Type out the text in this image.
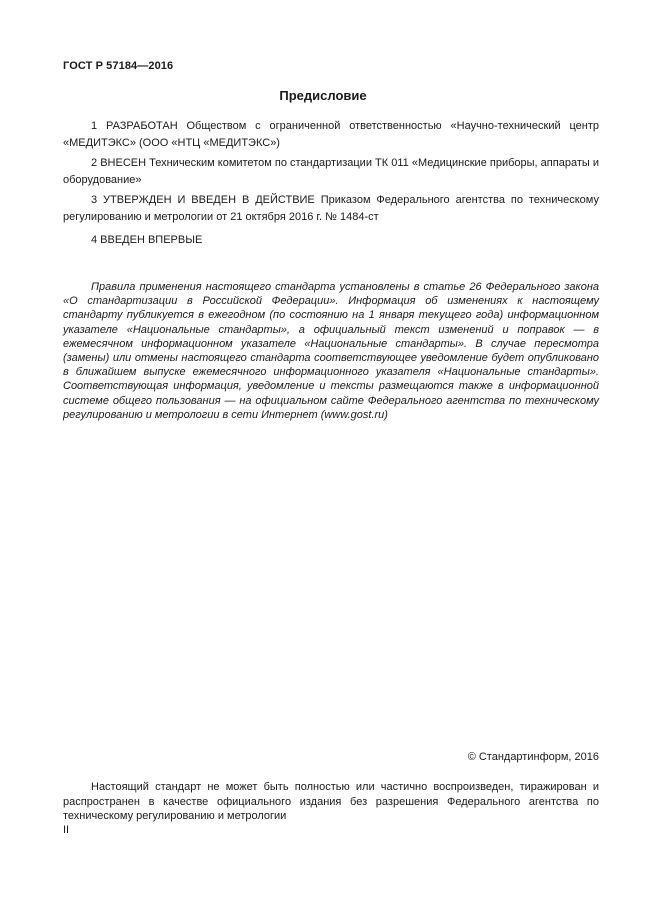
ГОСТ Р 57184—2016
Предисловие

1 РАЗРАБОТАН Обществом с ограниченной ответственностью «Научно-технический центр «МЕДИТЭКС» (ООО «НТЦ «МЕДИТЭКС»)

2 ВНЕСЕН Техническим комитетом по стандартизации ТК 011 «Медицинские приборы, аппараты и оборудование»

3 УТВЕРЖДЕН И ВВЕДЕН В ДЕЙСТВИЕ Приказом Федерального агентства по техническому регулированию и метрологии от 21 октября 2016 г. № 1484-ст

4 ВВЕДЕН ВПЕРВЫЕ

Правила применения настоящего стандарта установлены в статье 26 Федерального закона «О стандартизации в Российской Федерации». Информация об изменениях к настоящему стандарту публикуется в ежегодном (по состоянию на 1 января текущего года) информационном указателе «Национальные стандарты», а официальный текст изменений и поправок — в ежемесячном информационном указателе «Национальные стандарты». В случае пересмотра (замены) или отмены настоящего стандарта соответствующее уведомление будет опубликовано в ближайшем выпуске ежемесячного информационного указателя «Национальные стандарты». Соответствующая информация, уведомление и тексты размещаются также в информационной системе общего пользования — на официальном сайте Федерального агентства по техническому регулированию и метрологии в сети Интернет (www.gost.ru)

© Стандартинформ, 2016

Настоящий стандарт не может быть полностью или частично воспроизведен, тиражирован и распространен в качестве официального издания без разрешения Федерального агентства по техническому регулированию и метрологии

II
